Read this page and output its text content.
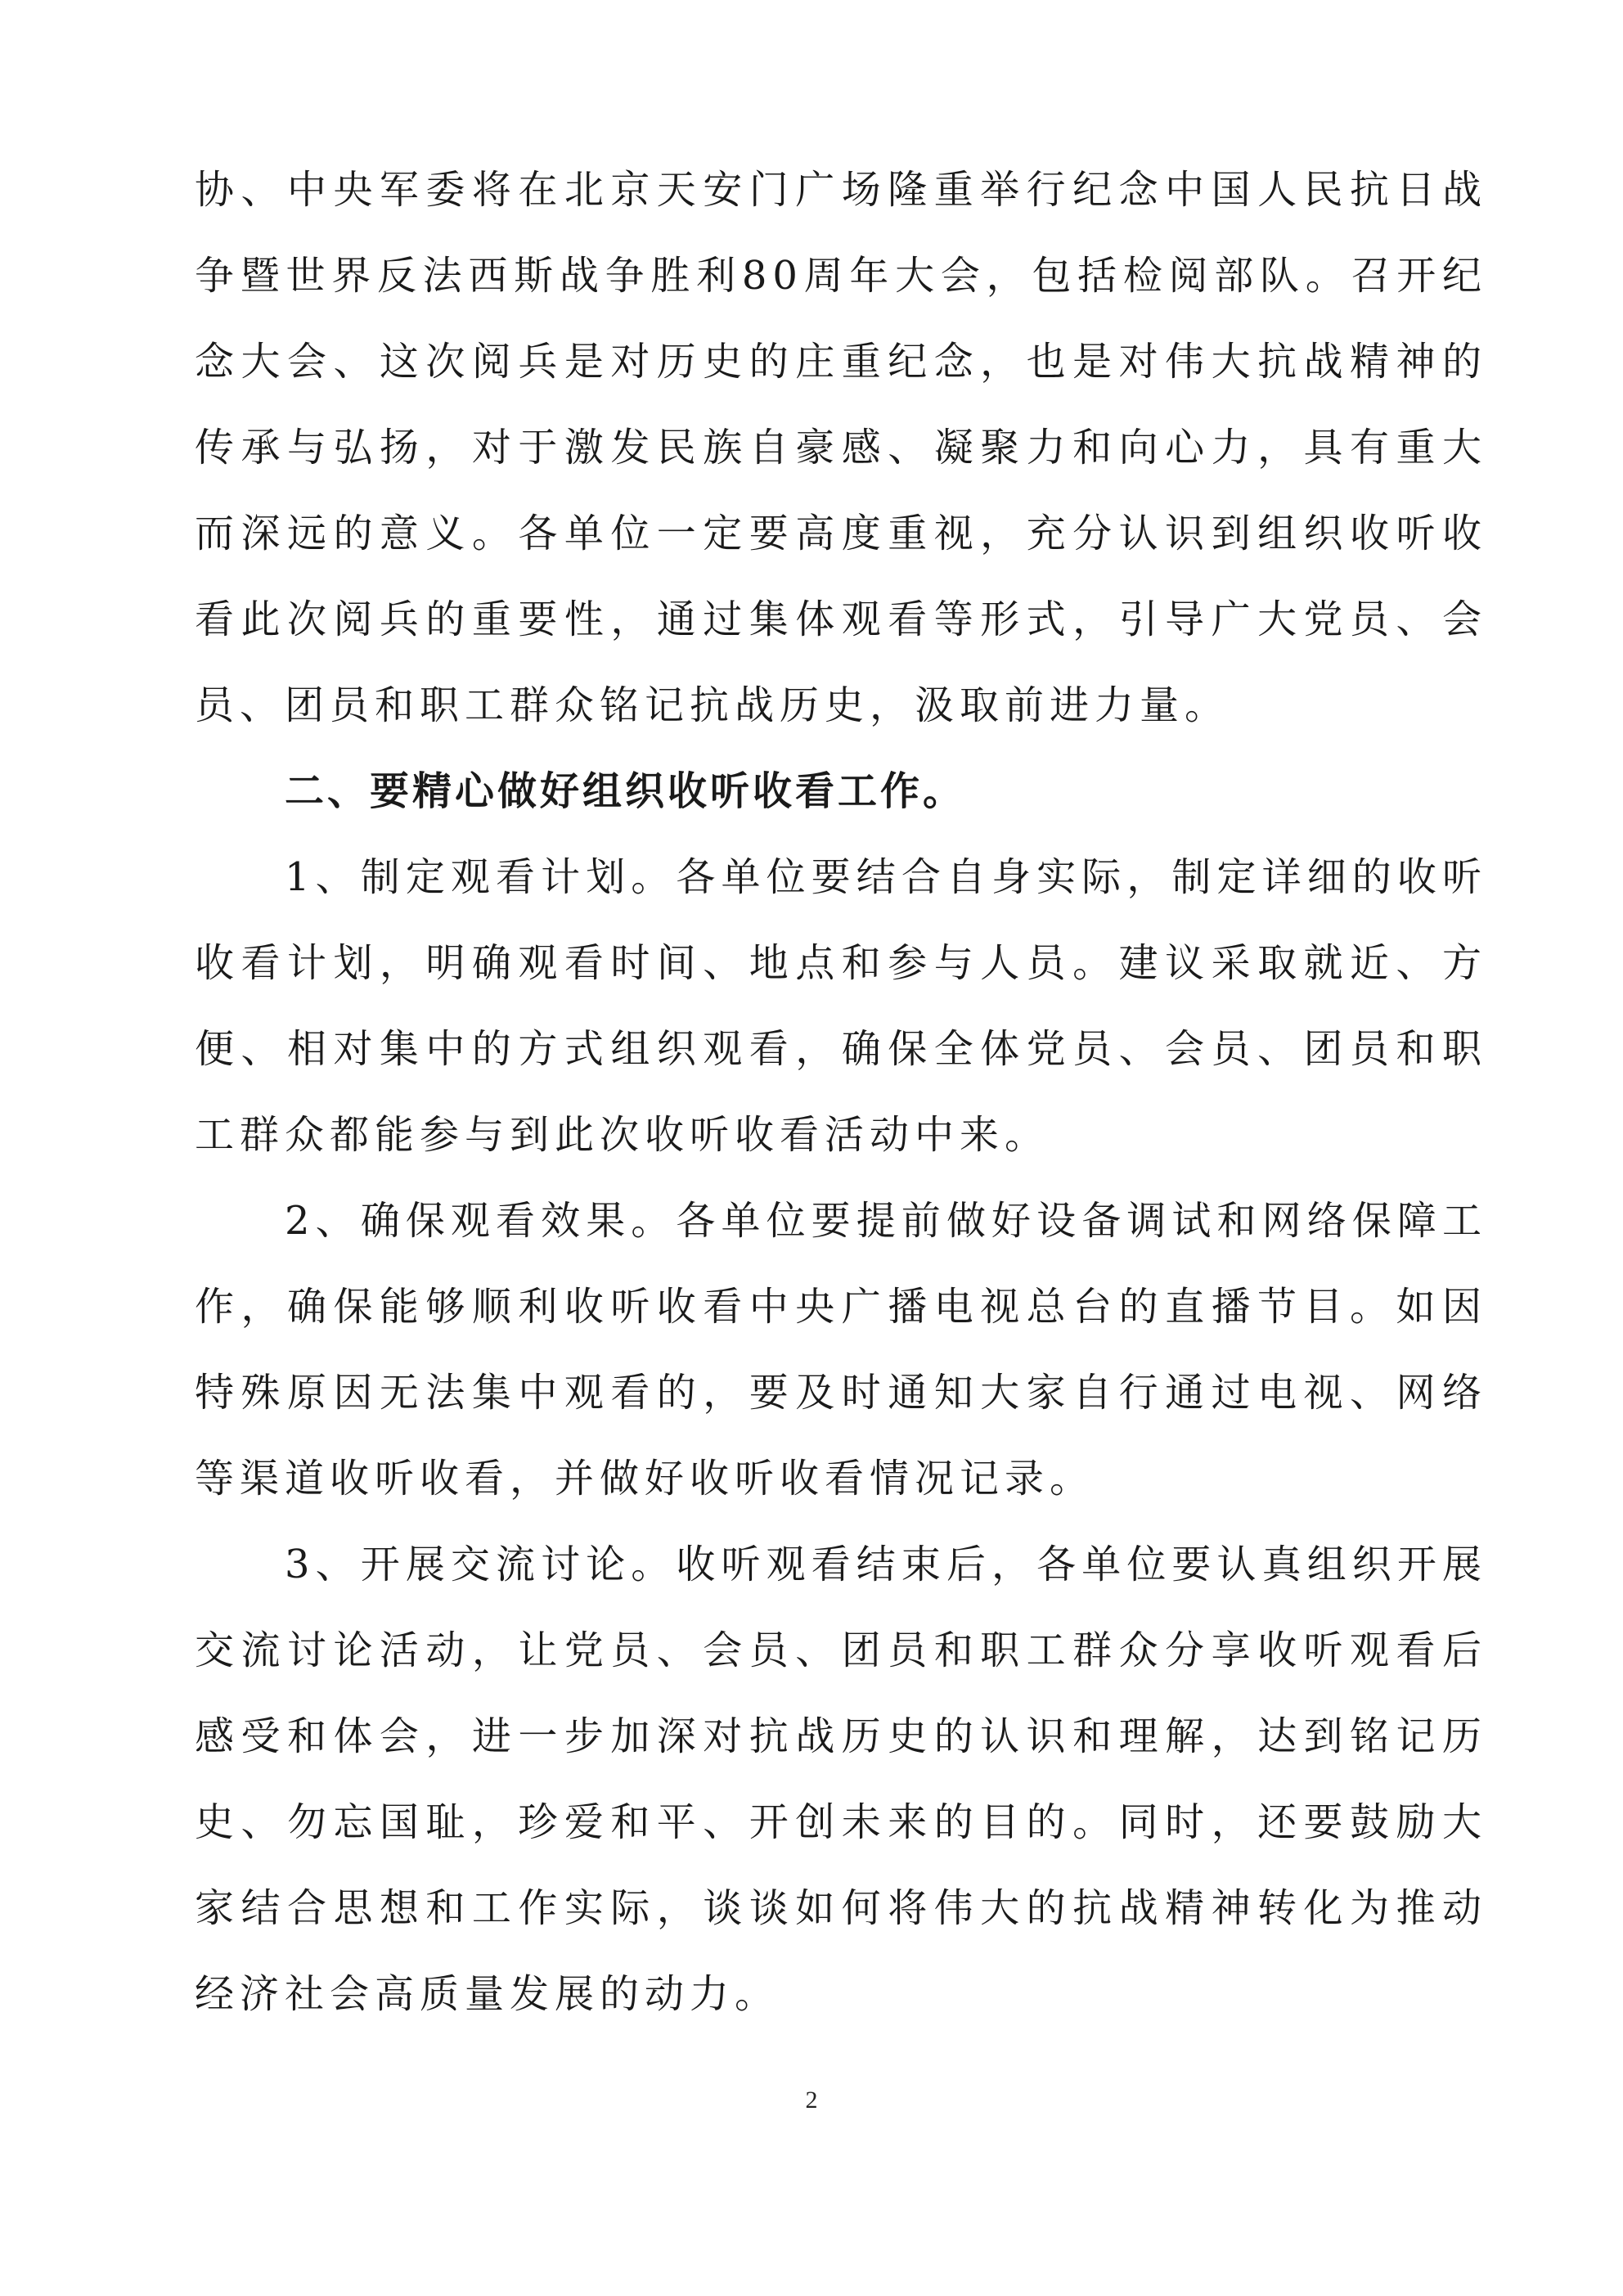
协、中央军委将在北京天安门广场隆重举行纪念中国人民抗日战争暨世界反法西斯战争胜利80周年大会，包括检阅部队。召开纪念大会、这次阅兵是对历史的庄重纪念，也是对伟大抗战精神的传承与弘扬，对于激发民族自豪感、凝聚力和向心力，具有重大而深远的意义。各单位一定要高度重视，充分认识到组织收听收看此次阅兵的重要性，通过集体观看等形式，引导广大党员、会员、团员和职工群众铭记抗战历史，汲取前进力量。

二、要精心做好组织收听收看工作。

1、制定观看计划。各单位要结合自身实际，制定详细的收听收看计划，明确观看时间、地点和参与人员。建议采取就近、方便、相对集中的方式组织观看，确保全体党员、会员、团员和职工群众都能参与到此次收听收看活动中来。

2、确保观看效果。各单位要提前做好设备调试和网络保障工作，确保能够顺利收听收看中央广播电视总台的直播节目。如因特殊原因无法集中观看的，要及时通知大家自行通过电视、网络等渠道收听收看，并做好收听收看情况记录。

3、开展交流讨论。收听观看结束后，各单位要认真组织开展交流讨论活动，让党员、会员、团员和职工群众分享收听观看后感受和体会，进一步加深对抗战历史的认识和理解，达到铭记历史、勿忘国耻，珍爱和平、开创未来的目的。同时，还要鼓励大家结合思想和工作实际，谈谈如何将伟大的抗战精神转化为推动经济社会高质量发展的动力。

2
